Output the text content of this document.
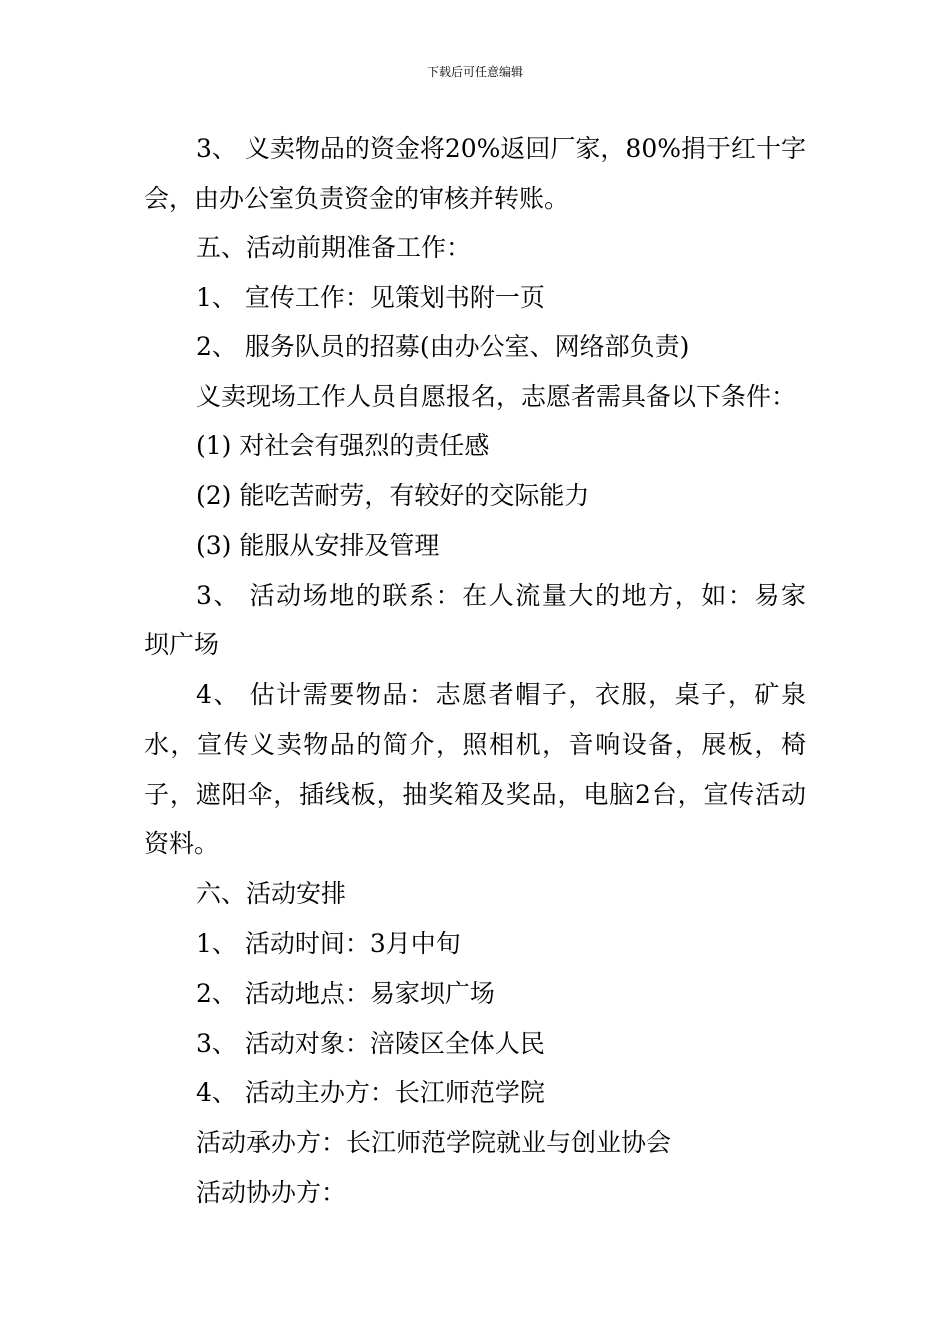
下载后可任意编辑
3、 义卖物品的资金将20%返回厂家，80%捐于红十字
会，由办公室负责资金的审核并转账。
五、活动前期准备工作：
1、 宣传工作：见策划书附一页
2、 服务队员的招募(由办公室、网络部负责)
义卖现场工作人员自愿报名，志愿者需具备以下条件：
(1) 对社会有强烈的责任感
(2) 能吃苦耐劳，有较好的交际能力
(3) 能服从安排及管理
3、 活动场地的联系：在人流量大的地方，如：易家
坝广场
4、 估计需要物品：志愿者帽子，衣服，桌子，矿泉
水，宣传义卖物品的简介，照相机，音响设备，展板，椅
子，遮阳伞，插线板，抽奖箱及奖品，电脑2台，宣传活动
资料。
六、活动安排
1、 活动时间：3月中旬
2、 活动地点：易家坝广场
3、 活动对象：涪陵区全体人民
4、 活动主办方：长江师范学院
活动承办方：长江师范学院就业与创业协会
活动协办方：
